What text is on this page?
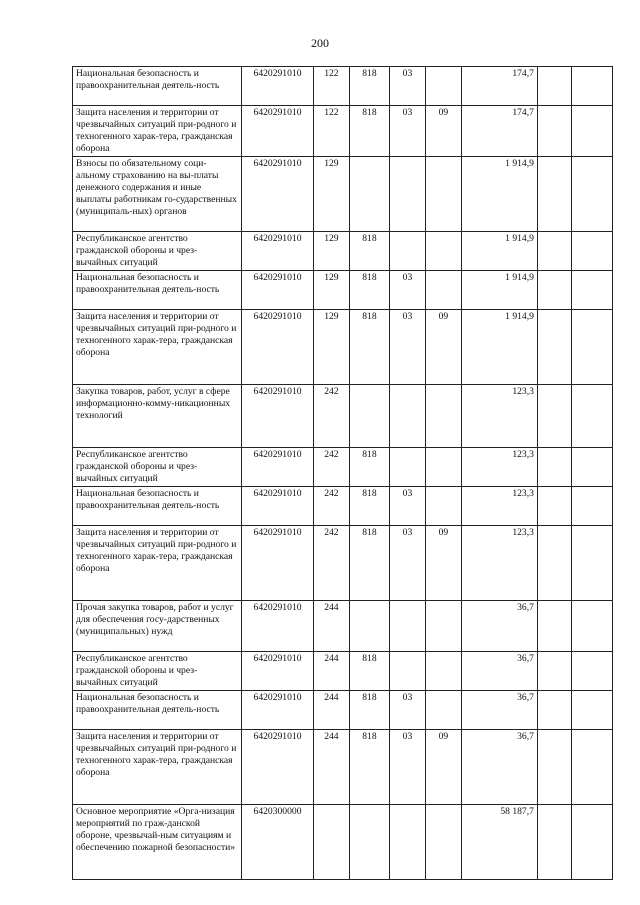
200
Национальная безопасность и правоохранительная деятель-ность	6420291010	122	818	03		174,7		
Защита населения и территории от чрезвычайных ситуаций при-родного и техногенного харак-тера, гражданская оборона	6420291010	122	818	03	09	174,7		
Взносы по обязательному соци-альному страхованию на вы-платы денежного содержания и иные выплаты работникам го-сударственных (муниципаль-ных) органов	6420291010	129				1 914,9		
Республиканское агентство гражданской обороны и чрез-вычайных ситуаций	6420291010	129	818			1 914,9		
Национальная безопасность и правоохранительная деятель-ность	6420291010	129	818	03		1 914,9		
Защита населения и территории от чрезвычайных ситуаций при-родного и техногенного харак-тера, гражданская оборона	6420291010	129	818	03	09	1 914,9		
Закупка товаров, работ, услуг в сфере информационно-комму-никационных технологий	6420291010	242				123,3		
Республиканское агентство гражданской обороны и чрез-вычайных ситуаций	6420291010	242	818			123,3		
Национальная безопасность и правоохранительная деятель-ность	6420291010	242	818	03		123,3		
Защита населения и территории от чрезвычайных ситуаций при-родного и техногенного харак-тера, гражданская оборона	6420291010	242	818	03	09	123,3		
Прочая закупка товаров, работ и услуг для обеспечения госу-дарственных (муниципальных) нужд	6420291010	244				36,7		
Республиканское агентство гражданской обороны и чрез-вычайных ситуаций	6420291010	244	818			36,7		
Национальная безопасность и правоохранительная деятель-ность	6420291010	244	818	03		36,7		
Защита населения и территории от чрезвычайных ситуаций при-родного и техногенного харак-тера, гражданская оборона	6420291010	244	818	03	09	36,7		
Основное мероприятие «Орга-низация мероприятий по граж-данской обороне, чрезвычай-ным ситуациям и обеспечению пожарной безопасности»	6420300000					58 187,7		
